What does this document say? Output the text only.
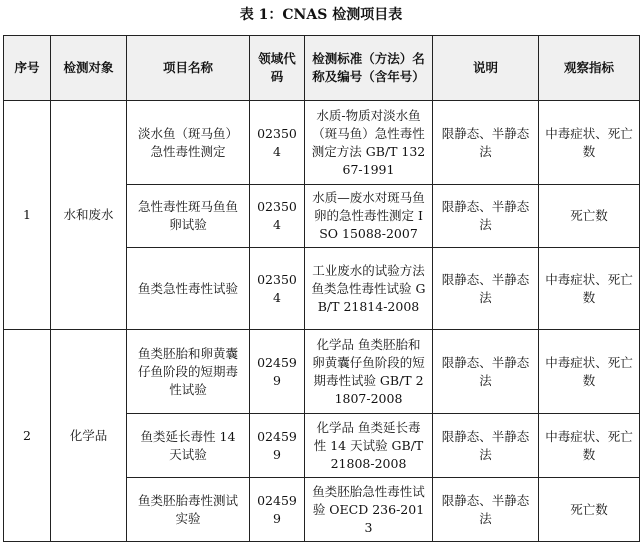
表 1：CNAS 检测项目表
序号	检测对象	项目名称	领域代码	检测标准（方法）名称及编号（含年号）	说明	观察指标
1	水和废水	淡水鱼（斑马鱼）急性毒性测定	023504	水质-物质对淡水鱼（斑马鱼）急性毒性测定方法 GB/T 13267-1991	限静态、半静态法	中毒症状、死亡数
		急性毒性斑马鱼鱼卵试验	023504	水质—废水对斑马鱼卵的急性毒性测定 ISO 15088-2007	限静态、半静态法	死亡数
		鱼类急性毒性试验	023504	工业废水的试验方法 鱼类急性毒性试验 GB/T 21814-2008	限静态、半静态法	中毒症状、死亡数
2	化学品	鱼类胚胎和卵黄囊仔鱼阶段的短期毒性试验	024599	化学品 鱼类胚胎和卵黄囊仔鱼阶段的短期毒性试验 GB/T 21807-2008	限静态、半静态法	中毒症状、死亡数
		鱼类延长毒性 14 天试验	024599	化学品 鱼类延长毒性 14 天试验 GB/T 21808-2008	限静态、半静态法	中毒症状、死亡数
		鱼类胚胎毒性测试实验	024599	鱼类胚胎急性毒性试验 OECD 236-2013	限静态、半静态法	死亡数
